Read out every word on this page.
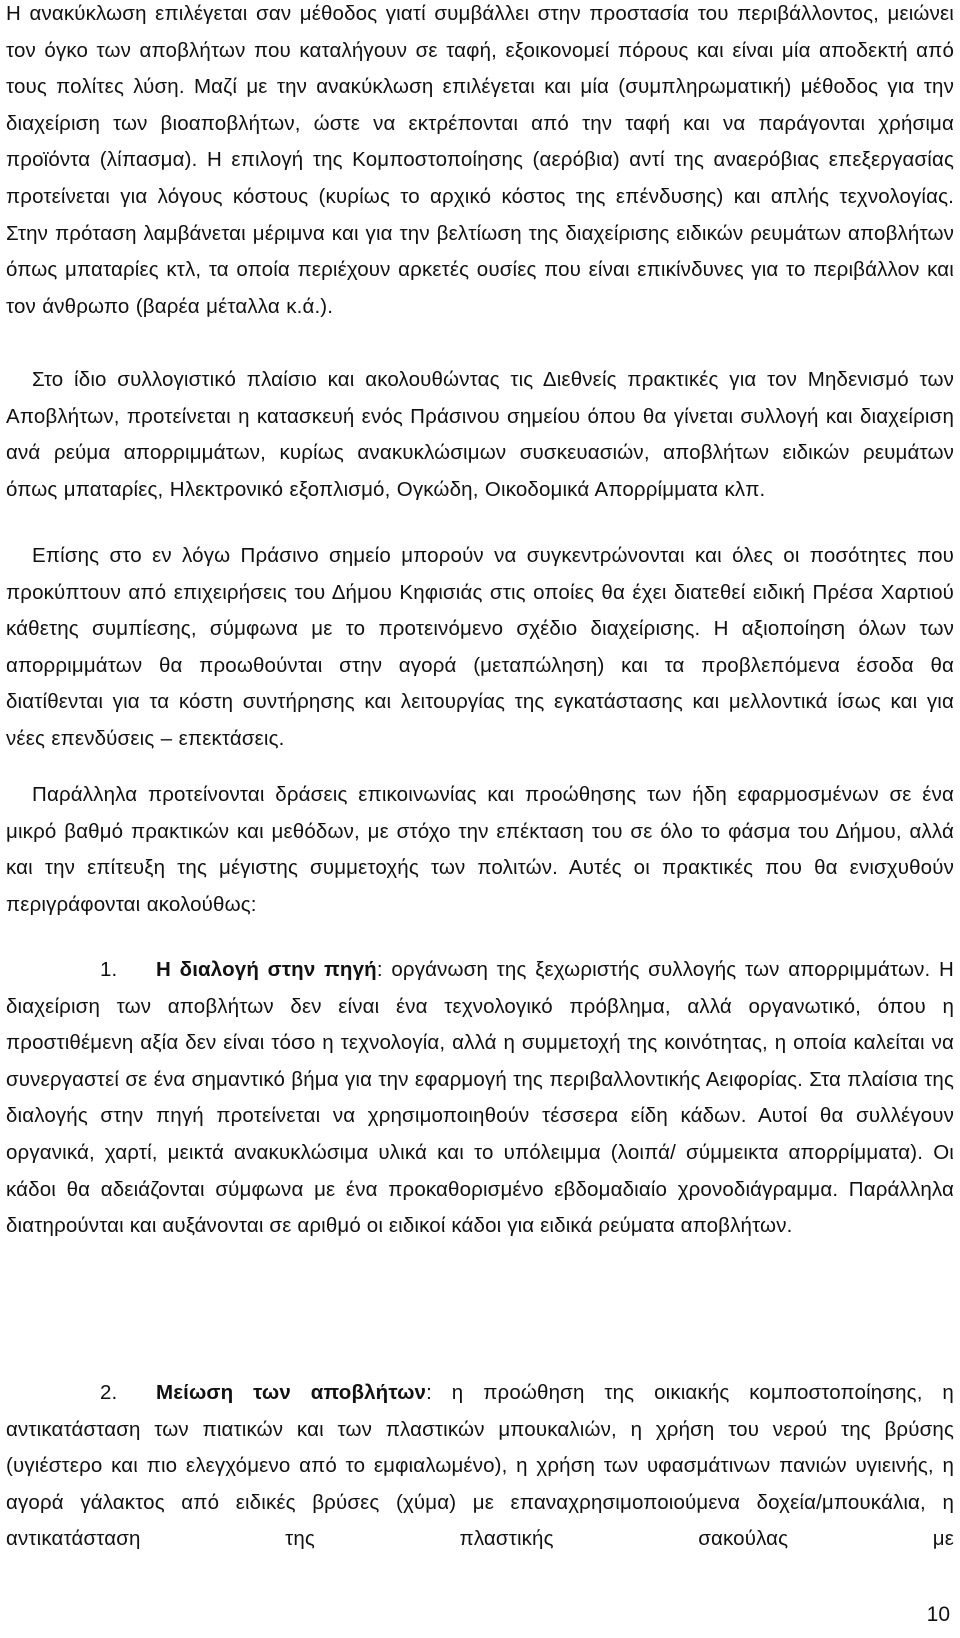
Η ανακύκλωση επιλέγεται σαν μέθοδος γιατί συμβάλλει στην προστασία του περιβάλλοντος, μειώνει τον όγκο των αποβλήτων που καταλήγουν σε ταφή, εξοικονομεί πόρους και είναι μία αποδεκτή από τους πολίτες λύση. Μαζί με την ανακύκλωση επιλέγεται και μία (συμπληρωματική) μέθοδος για την διαχείριση των βιοαποβλήτων, ώστε να εκτρέπονται από την ταφή και να παράγονται χρήσιμα προϊόντα (λίπασμα). Η επιλογή της Κομποστοποίησης (αερόβια) αντί της αναερόβιας επεξεργασίας προτείνεται για λόγους κόστους (κυρίως το αρχικό κόστος της επένδυσης) και απλής τεχνολογίας. Στην πρόταση λαμβάνεται μέριμνα και για την βελτίωση της διαχείρισης ειδικών ρευμάτων αποβλήτων όπως μπαταρίες κτλ, τα οποία περιέχουν αρκετές ουσίες που είναι επικίνδυνες για το περιβάλλον και τον άνθρωπο (βαρέα μέταλλα κ.ά.).

Στο ίδιο συλλογιστικό πλαίσιο και ακολουθώντας τις Διεθνείς πρακτικές για τον Μηδενισμό των Αποβλήτων, προτείνεται η κατασκευή ενός Πράσινου σημείου όπου θα γίνεται συλλογή και διαχείριση ανά ρεύμα απορριμμάτων, κυρίως ανακυκλώσιμων συσκευασιών, αποβλήτων ειδικών ρευμάτων όπως μπαταρίες, Ηλεκτρονικό εξοπλισμό, Ογκώδη, Οικοδομικά Απορρίμματα κλπ.

Επίσης στο εν λόγω Πράσινο σημείο μπορούν να συγκεντρώνονται και όλες οι ποσότητες που προκύπτουν από επιχειρήσεις του Δήμου Κηφισιάς στις οποίες θα έχει διατεθεί ειδική Πρέσα Χαρτιού κάθετης συμπίεσης, σύμφωνα με το προτεινόμενο σχέδιο διαχείρισης. Η αξιοποίηση όλων των απορριμμάτων θα προωθούνται στην αγορά (μεταπώληση) και τα προβλεπόμενα έσοδα θα διατίθενται για τα κόστη συντήρησης και λειτουργίας της εγκατάστασης και μελλοντικά ίσως και για νέες επενδύσεις – επεκτάσεις.

Παράλληλα προτείνονται δράσεις επικοινωνίας και προώθησης των ήδη εφαρμοσμένων σε ένα μικρό βαθμό πρακτικών και μεθόδων, με στόχο την επέκταση του σε όλο το φάσμα του Δήμου, αλλά και την επίτευξη της μέγιστης συμμετοχής των πολιτών. Αυτές οι πρακτικές που θα ενισχυθούν περιγράφονται ακολούθως:

1. Η διαλογή στην πηγή: οργάνωση της ξεχωριστής συλλογής των απορριμμάτων. Η διαχείριση των αποβλήτων δεν είναι ένα τεχνολογικό πρόβλημα, αλλά οργανωτικό, όπου η προστιθέμενη αξία δεν είναι τόσο η τεχνολογία, αλλά η συμμετοχή της κοινότητας, η οποία καλείται να συνεργαστεί σε ένα σημαντικό βήμα για την εφαρμογή της περιβαλλοντικής Αειφορίας. Στα πλαίσια της διαλογής στην πηγή προτείνεται να χρησιμοποιηθούν τέσσερα είδη κάδων. Αυτοί θα συλλέγουν οργανικά, χαρτί, μεικτά ανακυκλώσιμα υλικά και το υπόλειμμα (λοιπά/ σύμμεικτα απορρίμματα). Οι κάδοι θα αδειάζονται σύμφωνα με ένα προκαθορισμένο εβδομαδιαίο χρονοδιάγραμμα. Παράλληλα διατηρούνται και αυξάνονται σε αριθμό οι ειδικοί κάδοι για ειδικά ρεύματα αποβλήτων.

2. Μείωση των αποβλήτων: η προώθηση της οικιακής κομποστοποίησης, η αντικατάσταση των πιατικών και των πλαστικών μπουκαλιών, η χρήση του νερού της βρύσης (υγιέστερο και πιο ελεγχόμενο από το εμφιαλωμένο), η χρήση των υφασμάτινων πανιών υγιεινής, η αγορά γάλακτος από ειδικές βρύσες (χύμα) με επαναχρησιμοποιούμενα δοχεία/μπουκάλια, η αντικατάσταση της πλαστικής σακούλας με

10
